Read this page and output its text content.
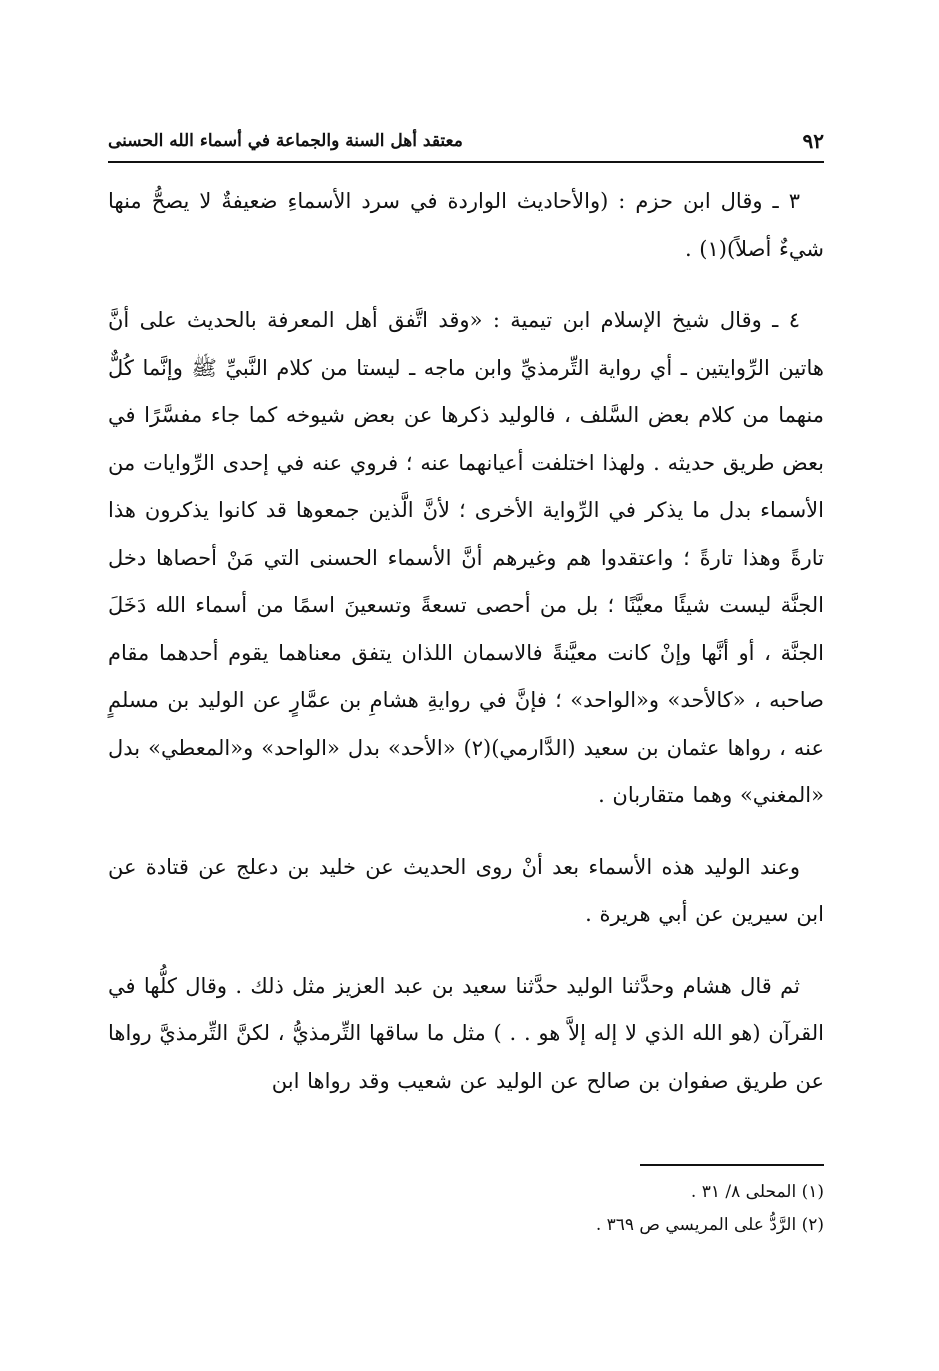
٩٢
معتقد أهل السنة والجماعة في أسماء الله الحسنى

٣ ـ وقال ابن حزم : (والأحاديث الواردة في سرد الأسماءِ ضعيفةٌ لا يصحُّ منها شيءٌ أصلاً)(١) .

٤ ـ وقال شيخ الإسلام ابن تيمية : «وقد اتَّفق أهل المعرفة بالحديث على أنَّ هاتين الرِّوايتين ـ أي رواية التِّرمذيِّ وابن ماجه ـ ليستا من كلام النَّبيِّ ﷺ وإنَّما كُلٌّ منهما من كلام بعض السَّلف ، فالوليد ذكرها عن بعض شيوخه كما جاء مفسَّرًا في بعض طريق حديثه . ولهذا اختلفت أعيانهما عنه ؛ فروي عنه في إحدى الرِّوايات من الأسماء بدل ما يذكر في الرِّواية الأخرى ؛ لأنَّ الَّذين جمعوها قد كانوا يذكرون هذا تارةً وهذا تارةً ؛ واعتقدوا هم وغيرهم أنَّ الأسماء الحسنى التي مَنْ أحصاها دخل الجنَّة ليست شيئًا معيَّنًا ؛ بل من أحصى تسعةً وتسعينَ اسمًا من أسماء الله دَخَلَ الجنَّة ، أو أنَّها وإنْ كانت معيَّنةً فالاسمان اللذان يتفق معناهما يقوم أحدهما مقام صاحبه ، «كالأحد» و«الواحد» ؛ فإنَّ في روايةِ هشامِ بن عمَّارٍ عن الوليد بن مسلمٍ عنه ، رواها عثمان بن سعيد (الدَّارمي)(٢) «الأحد» بدل «الواحد» و«المعطي» بدل «المغني» وهما متقاربان .

وعند الوليد هذه الأسماء بعد أنْ روى الحديث عن خليد بن دعلج عن قتادة عن ابن سيرين عن أبي هريرة .

ثم قال هشام وحدَّثنا الوليد حدَّثنا سعيد بن عبد العزيز مثل ذلك . وقال كلُّها في القرآن (هو الله الذي لا إله إلاَّ هو . . ) مثل ما ساقها التِّرمذيُّ ، لكنَّ التِّرمذيَّ رواها عن طريق صفوان بن صالح عن الوليد عن شعيب وقد رواها ابن

(١) المحلى ٨/ ٣١ .
(٢) الرَّدُّ على المريسي ص ٣٦٩ .
